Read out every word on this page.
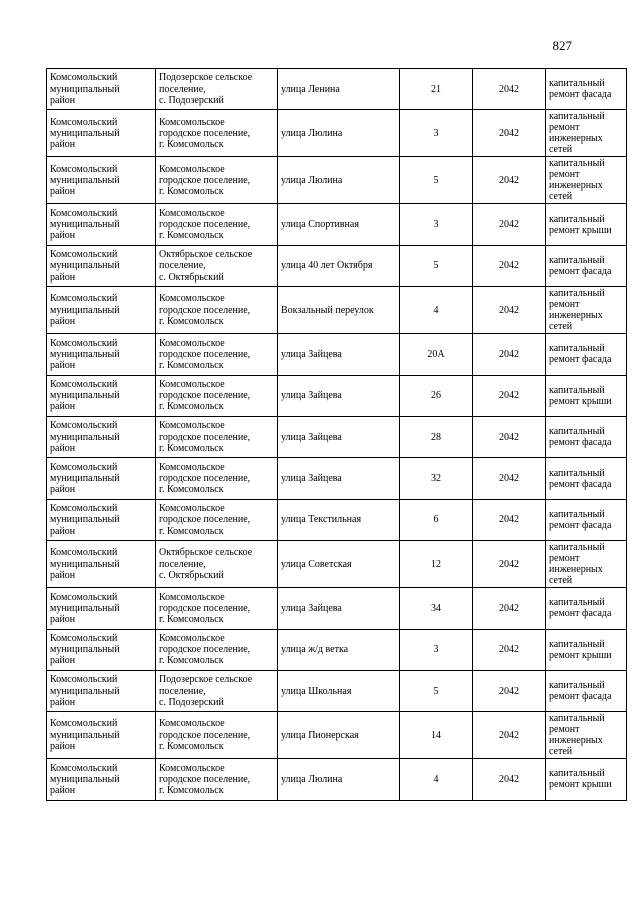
827
Комсомольский
муниципальный
район	Подозерское сельское
поселение,
с. Подозерский	улица Ленина	21	2042	капитальный
ремонт фасада

Комсомольский
муниципальный
район	Комсомольское
городское поселение,
г. Комсомольск	улица Люлина	3	2042	капитальный
ремонт
инженерных
сетей

Комсомольский
муниципальный
район	Комсомольское
городское поселение,
г. Комсомольск	улица Люлина	5	2042	капитальный
ремонт
инженерных
сетей

Комсомольский
муниципальный
район	Комсомольское
городское поселение,
г. Комсомольск	улица Спортивная	3	2042	капитальный
ремонт крыши

Комсомольский
муниципальный
район	Октябрьское сельское
поселение,
с. Октябрьский	улица 40 лет Октября	5	2042	капитальный
ремонт фасада

Комсомольский
муниципальный
район	Комсомольское
городское поселение,
г. Комсомольск	Вокзальный переулок	4	2042	капитальный
ремонт
инженерных
сетей

Комсомольский
муниципальный
район	Комсомольское
городское поселение,
г. Комсомольск	улица Зайцева	20А	2042	капитальный
ремонт фасада

Комсомольский
муниципальный
район	Комсомольское
городское поселение,
г. Комсомольск	улица Зайцева	26	2042	капитальный
ремонт крыши

Комсомольский
муниципальный
район	Комсомольское
городское поселение,
г. Комсомольск	улица Зайцева	28	2042	капитальный
ремонт фасада

Комсомольский
муниципальный
район	Комсомольское
городское поселение,
г. Комсомольск	улица Зайцева	32	2042	капитальный
ремонт фасада

Комсомольский
муниципальный
район	Комсомольское
городское поселение,
г. Комсомольск	улица Текстильная	6	2042	капитальный
ремонт фасада

Комсомольский
муниципальный
район	Октябрьское сельское
поселение,
с. Октябрьский	улица Советская	12	2042	капитальный
ремонт
инженерных
сетей

Комсомольский
муниципальный
район	Комсомольское
городское поселение,
г. Комсомольск	улица Зайцева	34	2042	капитальный
ремонт фасада

Комсомольский
муниципальный
район	Комсомольское
городское поселение,
г. Комсомольск	улица ж/д ветка	3	2042	капитальный
ремонт крыши

Комсомольский
муниципальный
район	Подозерское сельское
поселение,
с. Подозерский	улица Школьная	5	2042	капитальный
ремонт фасада

Комсомольский
муниципальный
район	Комсомольское
городское поселение,
г. Комсомольск	улица Пионерская	14	2042	капитальный
ремонт
инженерных
сетей

Комсомольский
муниципальный
район	Комсомольское
городское поселение,
г. Комсомольск	улица Люлина	4	2042	капитальный
ремонт крыши
